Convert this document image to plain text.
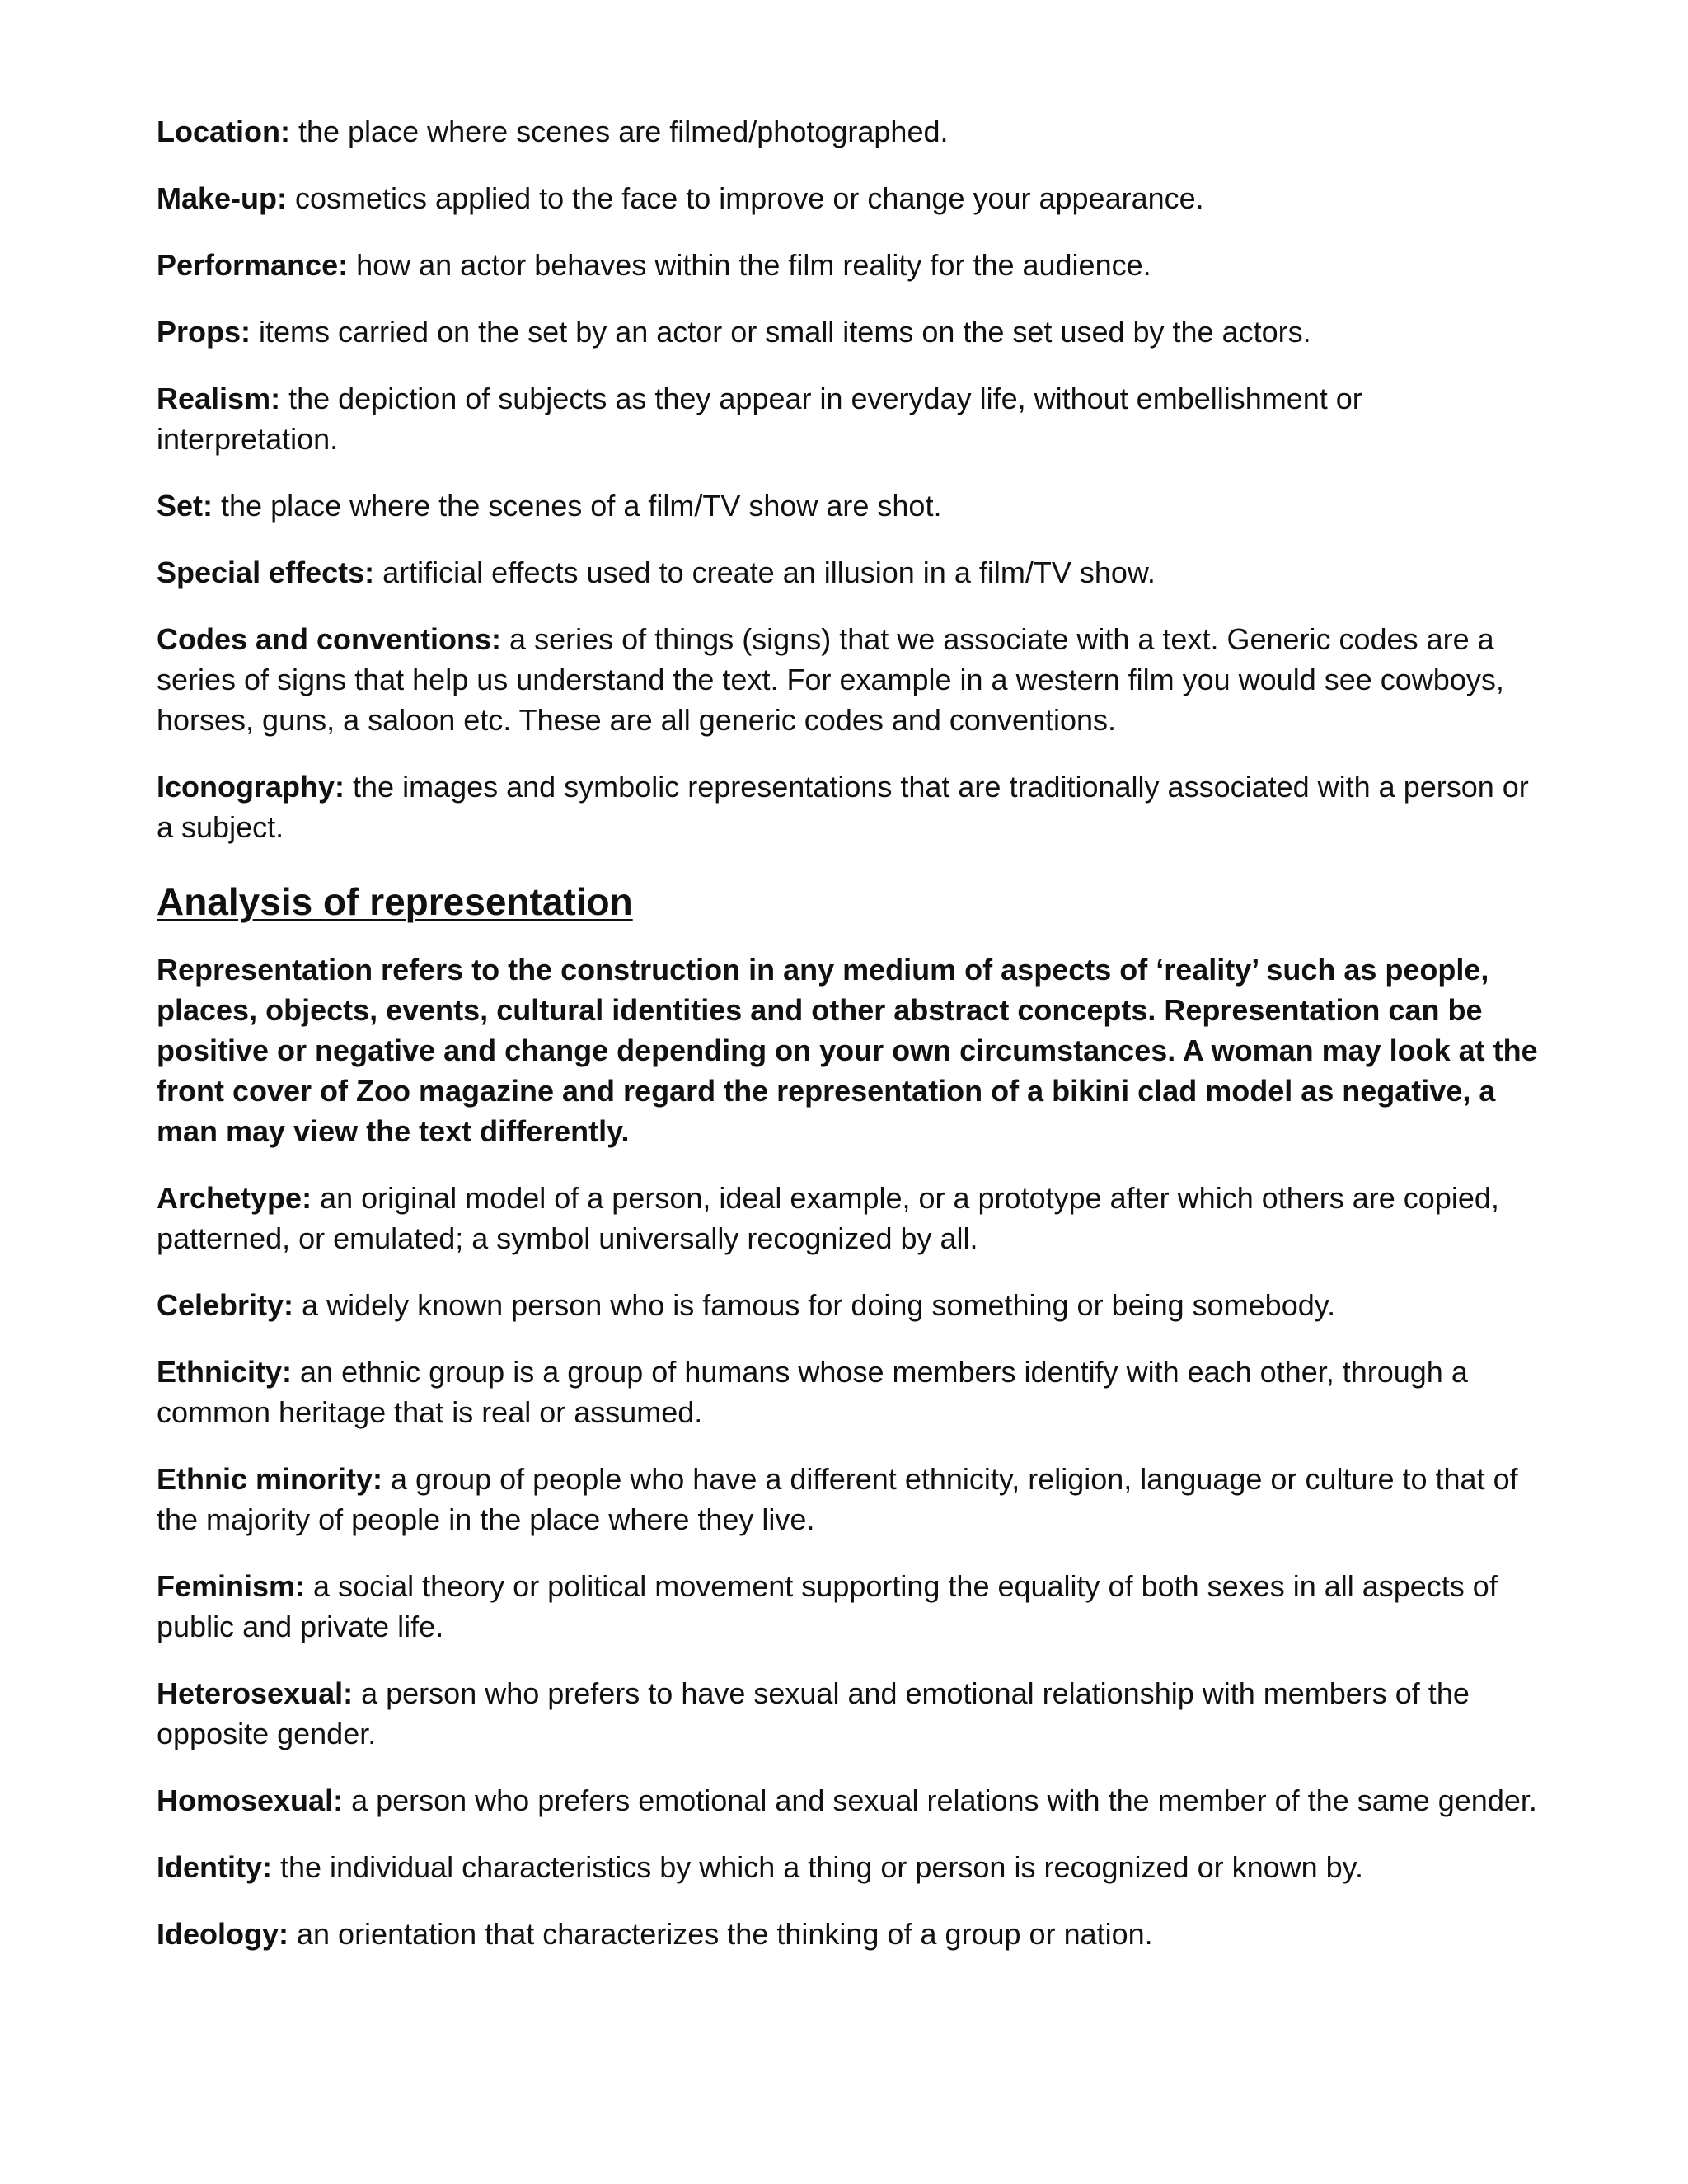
Location: the place where scenes are filmed/photographed.

Make-up: cosmetics applied to the face to improve or change your appearance.

Performance: how an actor behaves within the film reality for the audience.

Props: items carried on the set by an actor or small items on the set used by the actors.

Realism: the depiction of subjects as they appear in everyday life, without embellishment or interpretation.

Set: the place where the scenes of a film/TV show are shot.

Special effects: artificial effects used to create an illusion in a film/TV show.

Codes and conventions: a series of things (signs) that we associate with a text. Generic codes are a series of signs that help us understand the text. For example in a western film you would see cowboys, horses, guns, a saloon etc. These are all generic codes and conventions.

Iconography: the images and symbolic representations that are traditionally associated with a person or a subject.

Analysis of representation

Representation refers to the construction in any medium of aspects of ‘reality’ such as people, places, objects, events, cultural identities and other abstract concepts. Representation can be positive or negative and change depending on your own circumstances. A woman may look at the front cover of Zoo magazine and regard the representation of a bikini clad model as negative, a man may view the text differently.

Archetype: an original model of a person, ideal example, or a prototype after which others are copied, patterned, or emulated; a symbol universally recognized by all.

Celebrity: a widely known person who is famous for doing something or being somebody.

Ethnicity: an ethnic group is a group of humans whose members identify with each other, through a common heritage that is real or assumed.

Ethnic minority: a group of people who have a different ethnicity, religion, language or culture to that of the majority of people in the place where they live.

Feminism: a social theory or political movement supporting the equality of both sexes in all aspects of public and private life.

Heterosexual: a person who prefers to have sexual and emotional relationship with members of the opposite gender.

Homosexual: a person who prefers emotional and sexual relations with the member of the same gender.

Identity: the individual characteristics by which a thing or person is recognized or known by.

Ideology: an orientation that characterizes the thinking of a group or nation.
